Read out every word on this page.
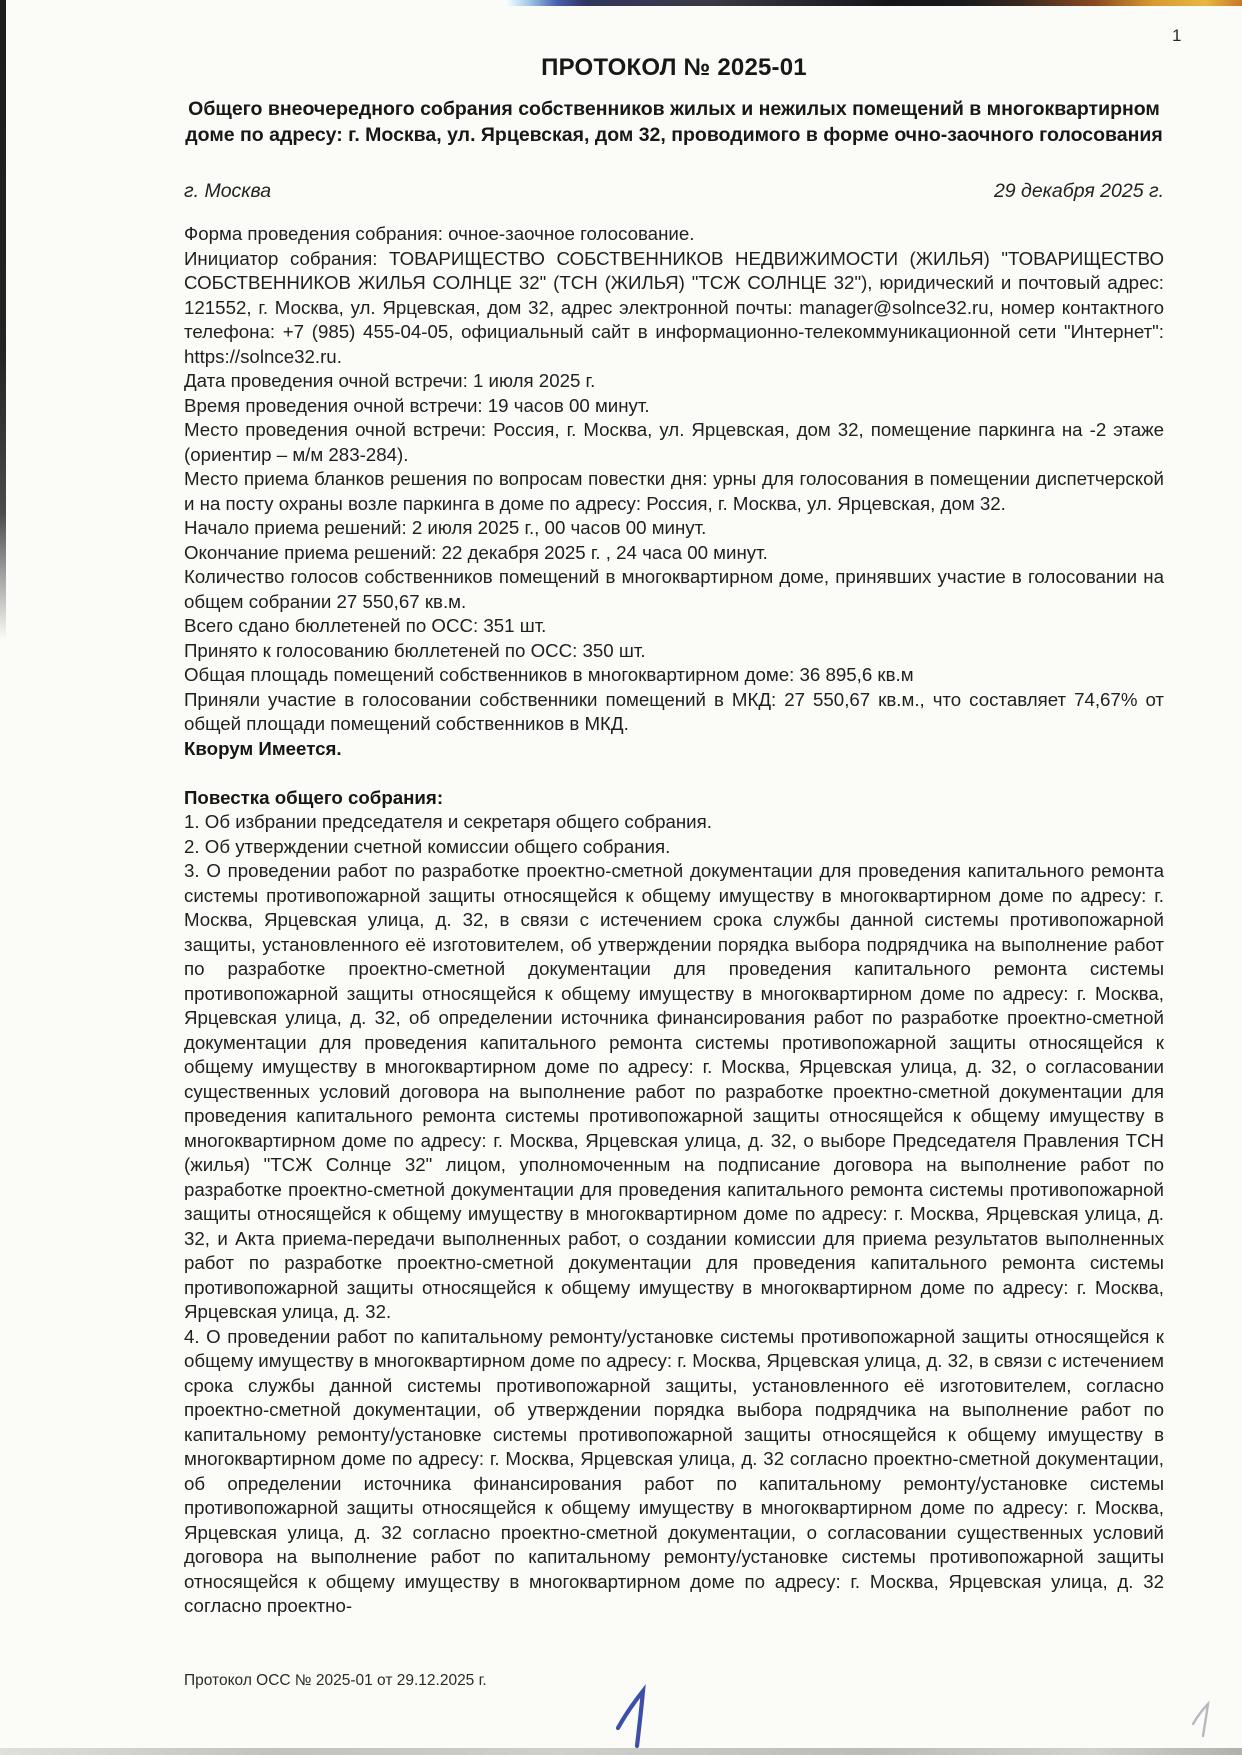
1
ПРОТОКОЛ № 2025-01
Общего внеочередного собрания собственников жилых и нежилых помещений в многоквартирном доме по адресу: г. Москва, ул. Ярцевская, дом 32, проводимого в форме очно-заочного голосования
г. Москва	29 декабря 2025 г.

Форма проведения собрания: очное-заочное голосование.

Инициатор собрания: ТОВАРИЩЕСТВО СОБСТВЕННИКОВ НЕДВИЖИМОСТИ (ЖИЛЬЯ) "ТОВАРИЩЕСТВО СОБСТВЕННИКОВ ЖИЛЬЯ СОЛНЦЕ 32" (ТСН (ЖИЛЬЯ) "ТСЖ СОЛНЦЕ 32"), юридический и почтовый адрес: 121552, г. Москва, ул. Ярцевская, дом 32, адрес электронной почты: manager@solnce32.ru, номер контактного телефона: +7 (985) 455-04-05, официальный сайт в информационно-телекоммуникационной сети "Интернет": https://solnce32.ru.

Дата проведения очной встречи: 1 июля 2025 г.

Время проведения очной встречи: 19 часов 00 минут.

Место проведения очной встречи: Россия, г. Москва, ул. Ярцевская, дом 32, помещение паркинга на -2 этаже (ориентир – м/м 283-284).

Место приема бланков решения по вопросам повестки дня: урны для голосования в помещении диспетчерской и на посту охраны возле паркинга в доме по адресу: Россия, г. Москва, ул. Ярцевская, дом 32.

Начало приема решений: 2 июля 2025 г., 00 часов 00 минут.

Окончание приема решений: 22 декабря 2025 г. , 24 часа 00 минут.

Количество голосов собственников помещений в многоквартирном доме, принявших участие в голосовании на общем собрании 27 550,67 кв.м.

Всего сдано бюллетеней по ОСС: 351 шт.

Принято к голосованию бюллетеней по ОСС: 350 шт.

Общая площадь помещений собственников в многоквартирном доме: 36 895,6 кв.м

Приняли участие в голосовании собственники помещений в МКД: 27 550,67 кв.м., что составляет 74,67% от общей площади помещений собственников в МКД.

Кворум Имеется.

Повестка общего собрания:

1. Об избрании председателя и секретаря общего собрания.

2. Об утверждении счетной комиссии общего собрания.

3. О проведении работ по разработке проектно-сметной документации для проведения капитального ремонта системы противопожарной защиты относящейся к общему имуществу в многоквартирном доме по адресу: г. Москва, Ярцевская улица, д. 32, в связи с истечением срока службы данной системы противопожарной защиты, установленного её изготовителем, об утверждении порядка выбора подрядчика на выполнение работ по разработке проектно-сметной документации для проведения капитального ремонта системы противопожарной защиты относящейся к общему имуществу в многоквартирном доме по адресу: г. Москва, Ярцевская улица, д. 32, об определении источника финансирования работ по разработке проектно-сметной документации для проведения капитального ремонта системы противопожарной защиты относящейся к общему имуществу в многоквартирном доме по адресу: г. Москва, Ярцевская улица, д. 32, о согласовании существенных условий договора на выполнение работ по разработке проектно-сметной документации для проведения капитального ремонта системы противопожарной защиты относящейся к общему имуществу в многоквартирном доме по адресу: г. Москва, Ярцевская улица, д. 32, о выборе Председателя Правления ТСН (жилья) "ТСЖ Солнце 32" лицом, уполномоченным на подписание договора на выполнение работ по разработке проектно-сметной документации для проведения капитального ремонта системы противопожарной защиты относящейся к общему имуществу в многоквартирном доме по адресу: г. Москва, Ярцевская улица, д. 32, и Акта приема-передачи выполненных работ, о создании комиссии для приема результатов выполненных работ по разработке проектно-сметной документации для проведения капитального ремонта системы противопожарной защиты относящейся к общему имуществу в многоквартирном доме по адресу: г. Москва, Ярцевская улица, д. 32.

4. О проведении работ по капитальному ремонту/установке системы противопожарной защиты относящейся к общему имуществу в многоквартирном доме по адресу: г. Москва, Ярцевская улица, д. 32, в связи с истечением срока службы данной системы противопожарной защиты, установленного её изготовителем, согласно проектно-сметной документации, об утверждении порядка выбора подрядчика на выполнение работ по капитальному ремонту/установке системы противопожарной защиты относящейся к общему имуществу в многоквартирном доме по адресу: г. Москва, Ярцевская улица, д. 32 согласно проектно-сметной документации, об определении источника финансирования работ по капитальному ремонту/установке системы противопожарной защиты относящейся к общему имуществу в многоквартирном доме по адресу: г. Москва, Ярцевская улица, д. 32 согласно проектно-сметной документации, о согласовании существенных условий договора на выполнение работ по капитальному ремонту/установке системы противопожарной защиты относящейся к общему имуществу в многоквартирном доме по адресу: г. Москва, Ярцевская улица, д. 32 согласно проектно-

Протокол ОСС № 2025-01 от 29.12.2025 г.
